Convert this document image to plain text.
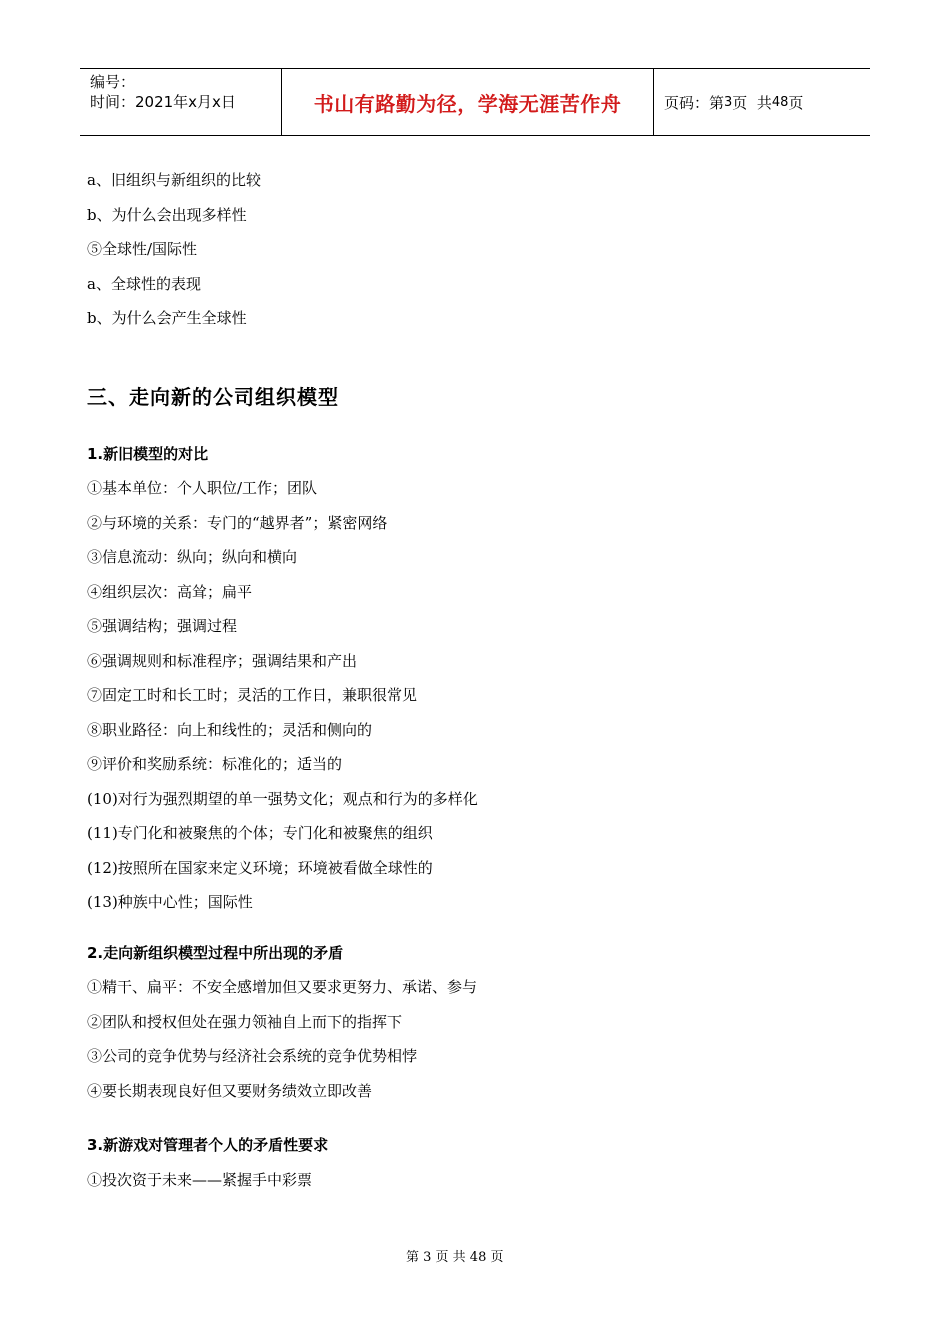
编号：
时间：2021年x月x日	书山有路勤为径，学海无涯苦作舟	页码：第 3 页  共 48 页
a、旧组织与新组织的比较
b、为什么会出现多样性
⑤全球性/国际性
a、全球性的表现
b、为什么会产生全球性
三、走向新的公司组织模型
1.新旧模型的对比
①基本单位：个人职位/工作；团队
②与环境的关系：专门的“越界者”；紧密网络
③信息流动：纵向；纵向和横向
④组织层次：高耸；扁平
⑤强调结构；强调过程
⑥强调规则和标准程序；强调结果和产出
⑦固定工时和长工时；灵活的工作日，兼职很常见
⑧职业路径：向上和线性的；灵活和侧向的
⑨评价和奖励系统：标准化的；适当的
(10)对行为强烈期望的单一强势文化；观点和行为的多样化
(11)专门化和被聚焦的个体；专门化和被聚焦的组织
(12)按照所在国家来定义环境；环境被看做全球性的
(13)种族中心性；国际性
2.走向新组织模型过程中所出现的矛盾
①精干、扁平：不安全感增加但又要求更努力、承诺、参与
②团队和授权但处在强力领袖自上而下的指挥下
③公司的竞争优势与经济社会系统的竞争优势相悖
④要长期表现良好但又要财务绩效立即改善
3.新游戏对管理者个人的矛盾性要求
①投次资于未来——紧握手中彩票
第 3 页 共 48 页
